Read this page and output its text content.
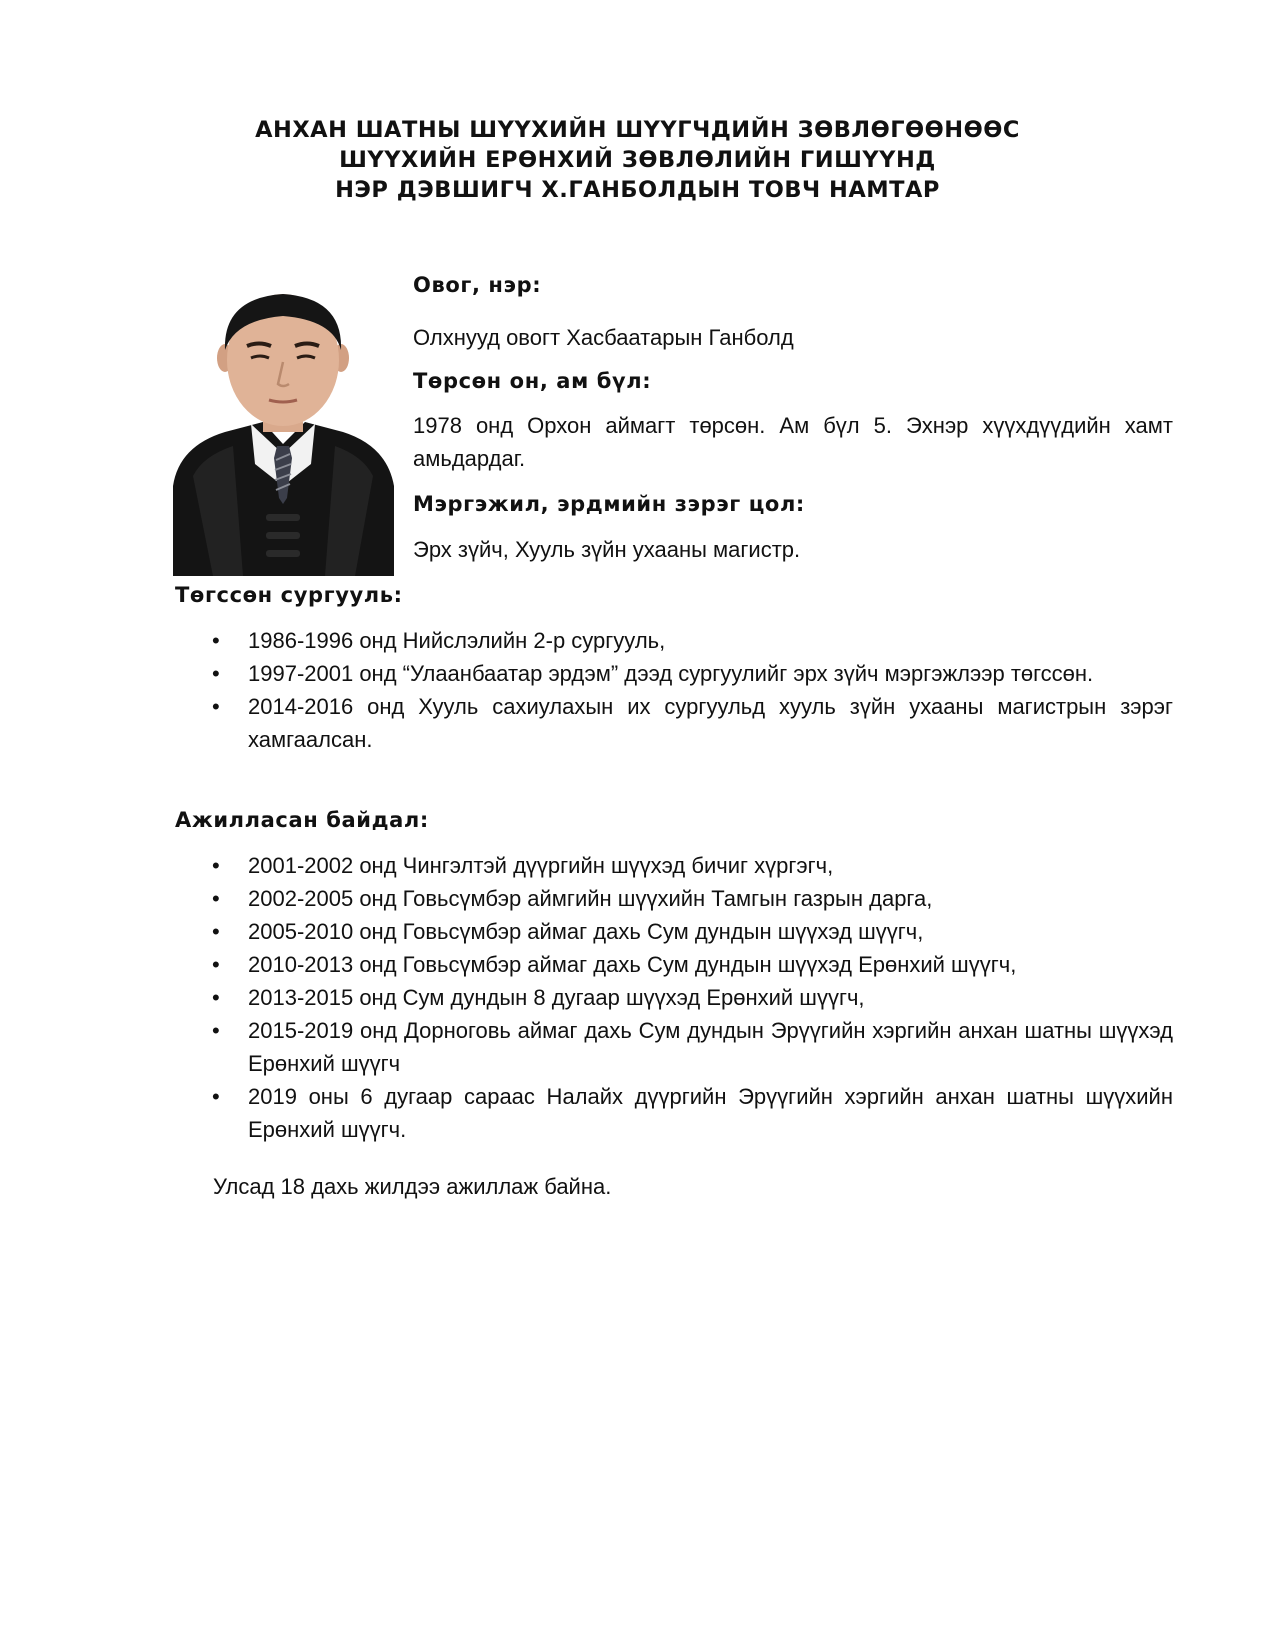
АНХАН ШАТНЫ ШҮҮХИЙН ШҮҮГЧДИЙН ЗӨВЛӨГӨӨНӨӨС
ШҮҮХИЙН ЕРӨНХИЙ ЗӨВЛӨЛИЙН ГИШҮҮНД
НЭР ДЭВШИГЧ Х.ГАНБОЛДЫН ТОВЧ НАМТАР
Овог, нэр:
Олхнууд овогт Хасбаатарын Ганболд
Төрсөн он, ам бүл:
1978 онд Орхон аймагт төрсөн. Ам бүл 5. Эхнэр хүүхдүүдийн хамт амьдардаг.
Мэргэжил, эрдмийн зэрэг цол:
Эрх зүйч, Хууль зүйн ухааны магистр.
Төгссөн сургууль:
• 1986-1996 онд Нийслэлийн 2-р сургууль,
• 1997-2001 онд “Улаанбаатар эрдэм” дээд сургуулийг эрх зүйч мэргэжлээр төгссөн.
• 2014-2016 онд Хууль сахиулахын их сургуульд хууль зүйн ухааны магистрын зэрэг хамгаалсан.
Ажилласан байдал:
• 2001-2002 онд Чингэлтэй дүүргийн шүүхэд бичиг хүргэгч,
• 2002-2005 онд Говьсүмбэр аймгийн шүүхийн Тамгын газрын дарга,
• 2005-2010 онд Говьсүмбэр аймаг дахь Сум дундын шүүхэд шүүгч,
• 2010-2013 онд Говьсүмбэр аймаг дахь Сум дундын шүүхэд Ерөнхий шүүгч,
• 2013-2015 онд Сум дундын 8 дугаар шүүхэд Ерөнхий шүүгч,
• 2015-2019 онд Дорноговь аймаг дахь Сум дундын Эрүүгийн хэргийн анхан шатны шүүхэд Ерөнхий шүүгч
• 2019 оны 6 дугаар сараас Налайх дүүргийн Эрүүгийн хэргийн анхан шатны шүүхийн Ерөнхий шүүгч.
Улсад 18 дахь жилдээ ажиллаж байна.
